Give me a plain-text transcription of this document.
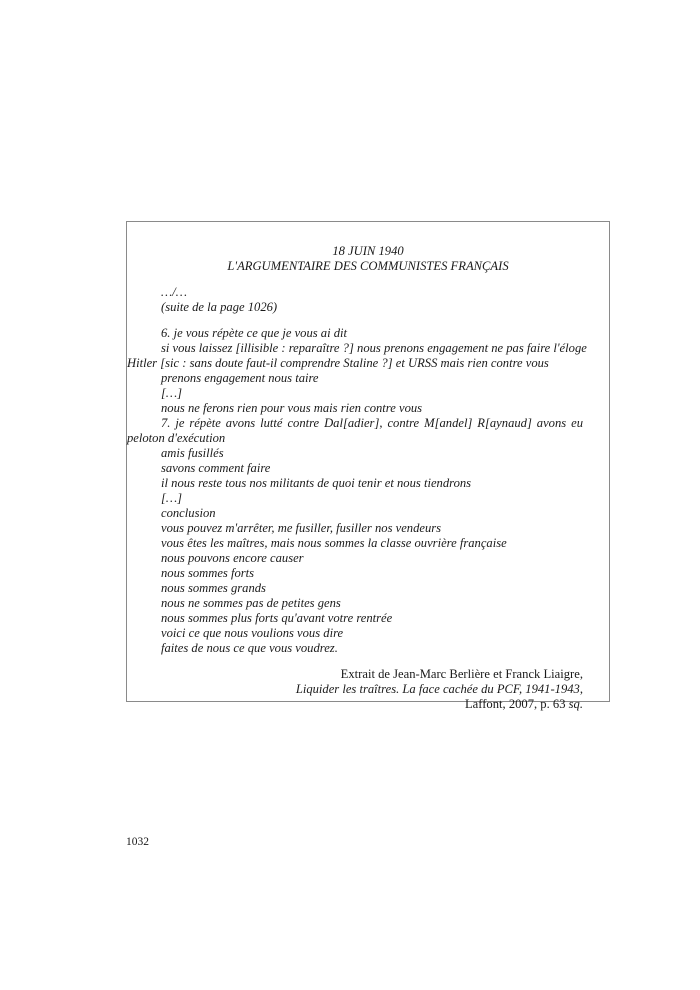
18 JUIN 1940
L'ARGUMENTAIRE DES COMMUNISTES FRANÇAIS
…/…
(suite de la page 1026)
6. je vous répète ce que je vous ai dit
si vous laissez [illisible : reparaître ?] nous prenons engagement ne pas faire l'éloge
Hitler [sic : sans doute faut-il comprendre Staline ?] et URSS mais rien contre vous
prenons engagement nous taire
[…]
nous ne ferons rien pour vous mais rien contre vous
7. je répète avons lutté contre Dal[adier], contre M[andel] R[aynaud] avons eu
peloton d'exécution
amis fusillés
savons comment faire
il nous reste tous nos militants de quoi tenir et nous tiendrons
[…]
conclusion
vous pouvez m'arrêter, me fusiller, fusiller nos vendeurs
vous êtes les maîtres, mais nous sommes la classe ouvrière française
nous pouvons encore causer
nous sommes forts
nous sommes grands
nous ne sommes pas de petites gens
nous sommes plus forts qu'avant votre rentrée
voici ce que nous voulions vous dire
faites de nous ce que vous voudrez.
Extrait de Jean-Marc Berlière et Franck Liaigre,
Liquider les traîtres. La face cachée du PCF, 1941-1943,
Laffont, 2007, p. 63 sq.
1032
